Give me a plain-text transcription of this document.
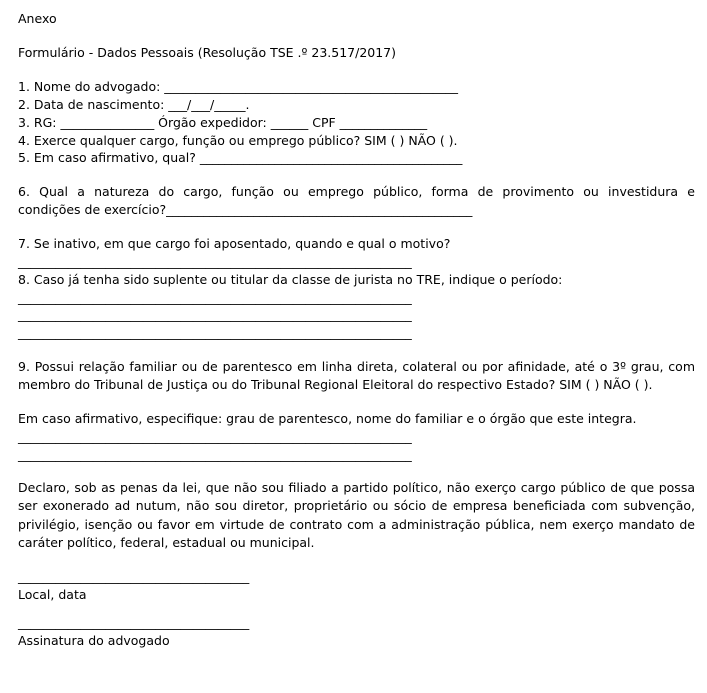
Anexo
Formulário - Dados Pessoais (Resolução TSE .º 23.517/2017)
1. Nome do advogado: _______________________________________________
2. Data de nascimento: ___/___/_____.
3. RG: _______________ Órgão expedidor: ______ CPF ______________
4. Exerce qualquer cargo, função ou emprego público? SIM ( ) NÃO ( ).
5. Em caso afirmativo, qual? __________________________________________
6.  Qual  a  natureza  do  cargo,  função  ou  emprego  público,  forma  de  provimento  ou  investidura  e condições de exercício?_________________________________________________
7. Se inativo, em que cargo foi aposentado, quando e qual o motivo?
_______________________________________________________________
8. Caso já tenha sido suplente ou titular da classe de jurista no TRE, indique o período:
_______________________________________________________________
_______________________________________________________________
_______________________________________________________________
9. Possui relação familiar ou de parentesco em linha direta, colateral ou por afinidade, até o 3º grau, com membro do Tribunal de Justiça ou do Tribunal Regional Eleitoral do respectivo Estado? SIM ( ) NÃO ( ).
Em caso afirmativo, especifique: grau de parentesco, nome do familiar e o órgão que este integra.
_______________________________________________________________
_______________________________________________________________
Declaro, sob as penas da lei, que não sou filiado a partido político, não exerço cargo público de que possa ser exonerado ad nutum, não sou diretor, proprietário ou sócio de empresa beneficiada com subvenção, privilégio, isenção ou favor em virtude de contrato com a administração pública, nem exerço mandato de caráter político, federal, estadual ou municipal.
_____________________________________
Local, data
_____________________________________
Assinatura do advogado
